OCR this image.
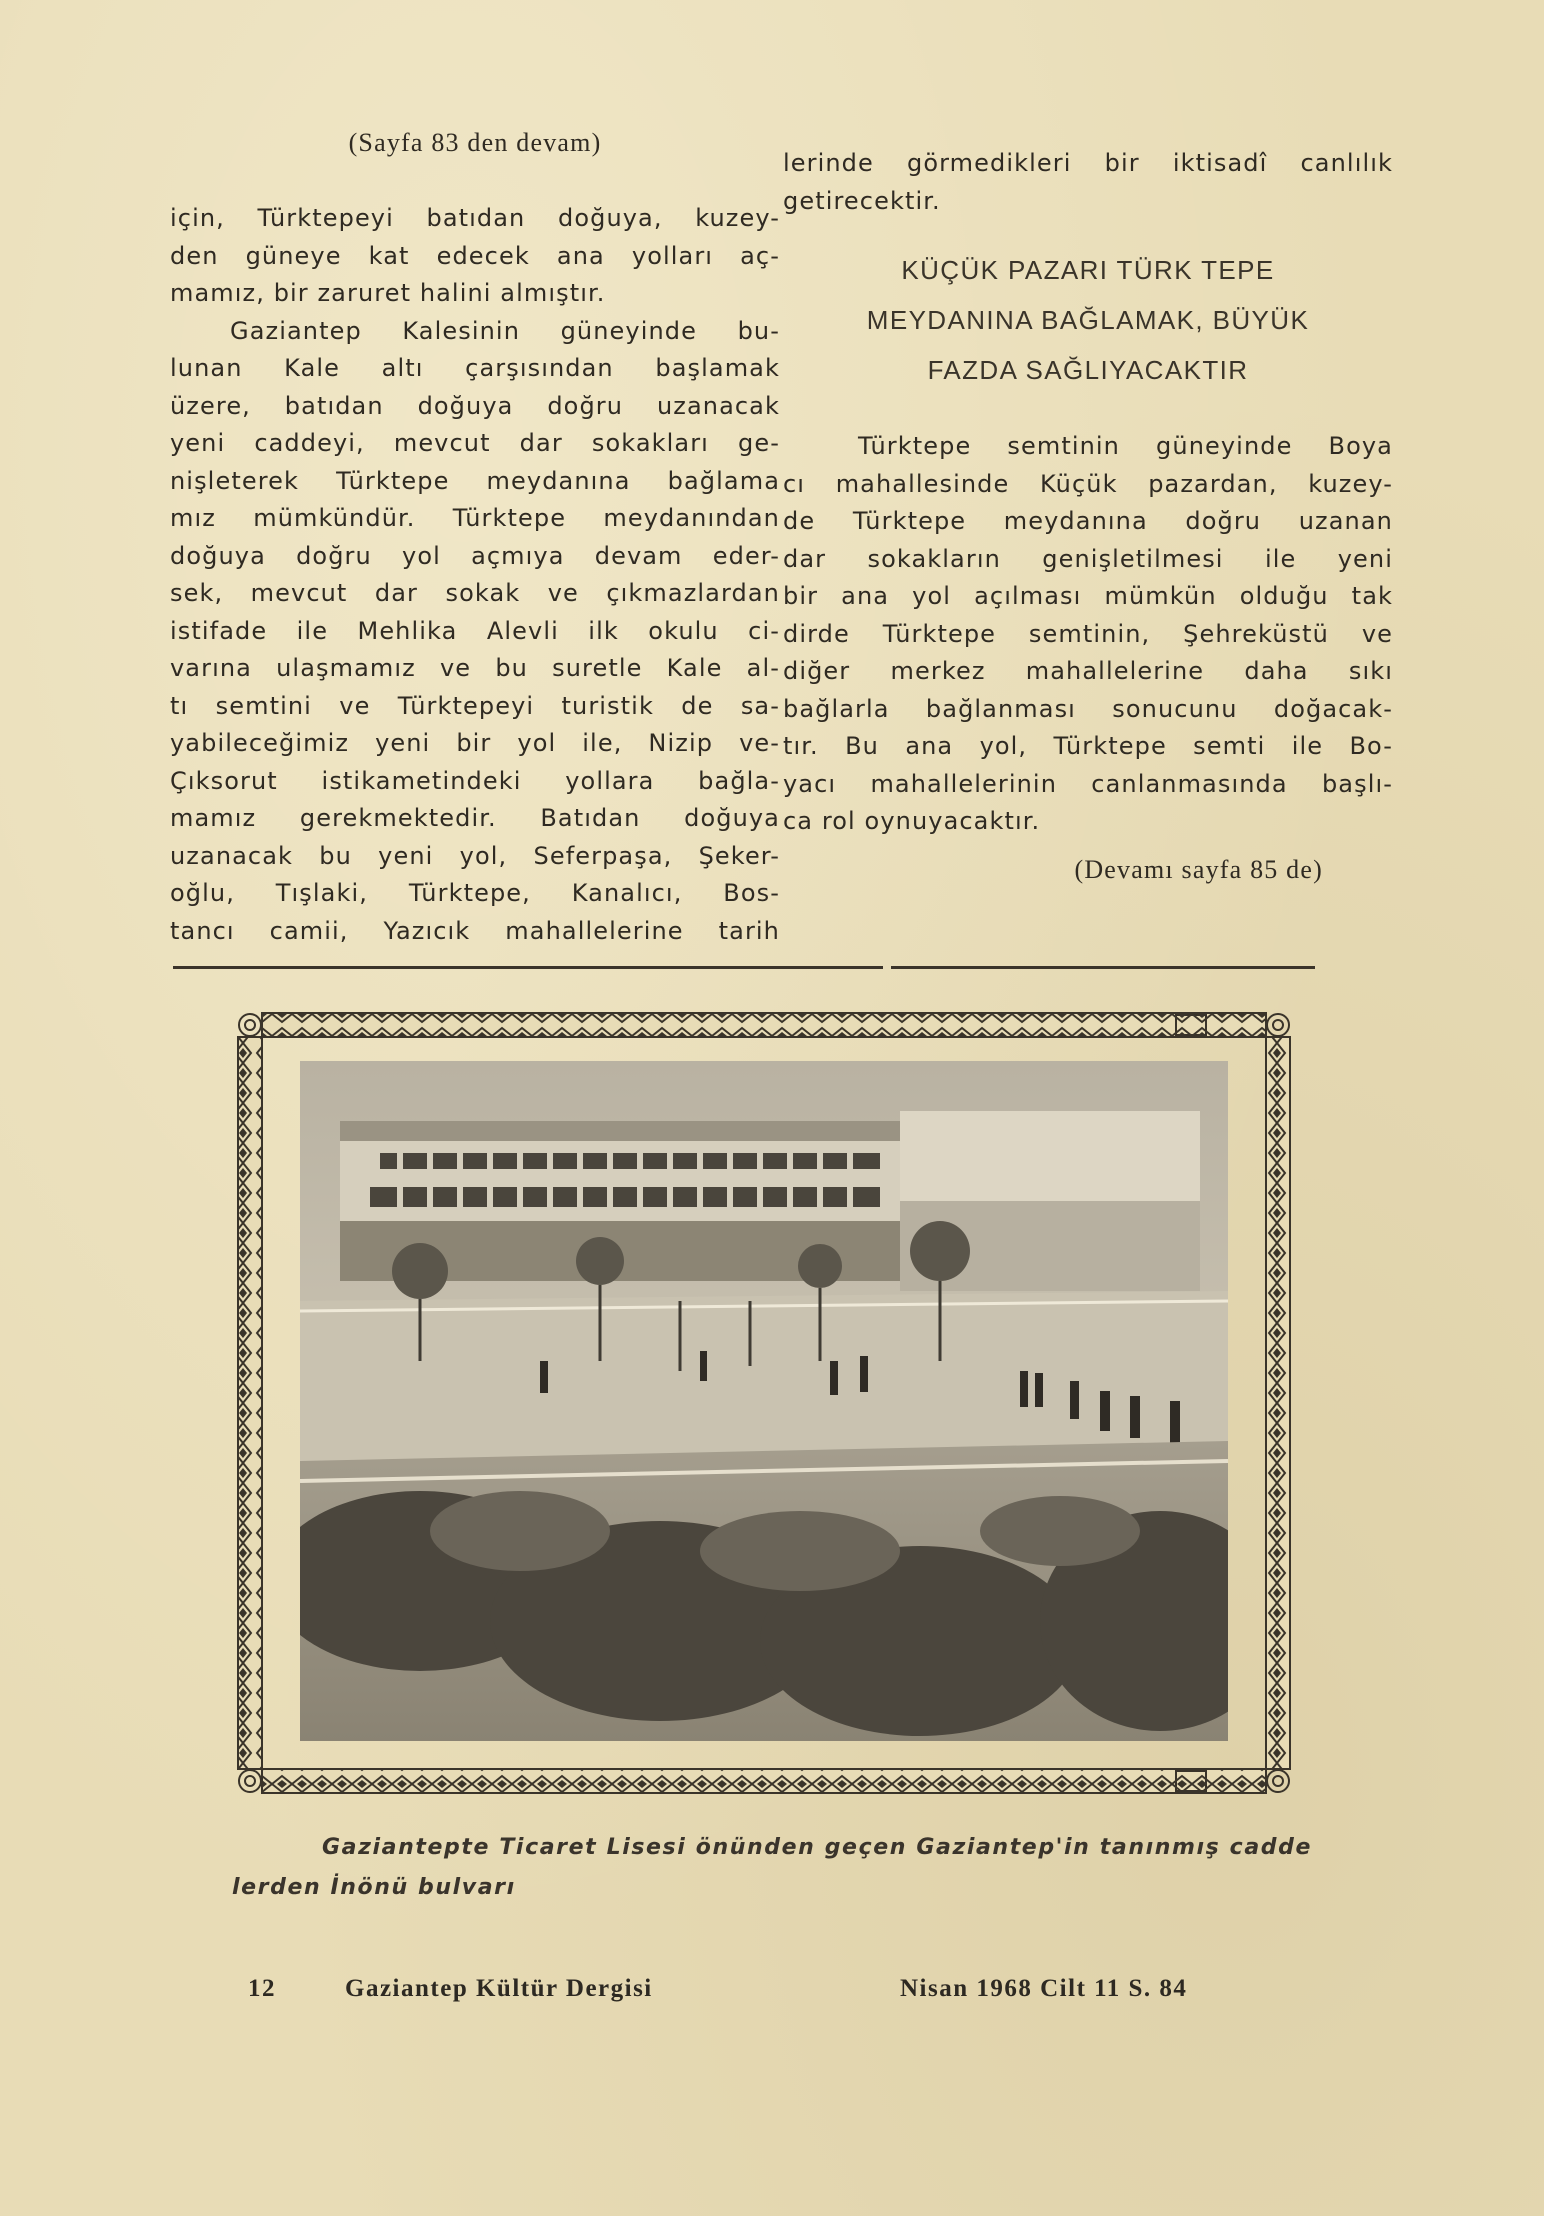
(Sayfa 83 den devam)
için, Türktepeyi batıdan doğuya, kuzey-
den güneye kat edecek ana yolları aç-
mamız, bir zaruret halini almıştır.
Gaziantep Kalesinin güneyinde bu-
lunan Kale altı çarşısından başlamak
üzere, batıdan doğuya doğru uzanacak
yeni caddeyi, mevcut dar sokakları ge-
nişleterek Türktepe meydanına bağlama
mız mümkündür. Türktepe meydanından
doğuya doğru yol açmıya devam eder-
sek, mevcut dar sokak ve çıkmazlardan
istifade ile Mehlika Alevli ilk okulu ci-
varına ulaşmamız ve bu suretle Kale al-
tı semtini ve Türktepeyi turistik de sa-
yabileceğimiz yeni bir yol ile, Nizip ve-
Çıksorut istikametindeki yollara bağla-
mamız gerekmektedir. Batıdan doğuya
uzanacak bu yeni yol, Seferpaşa, Şeker-
oğlu, Tışlaki, Türktepe, Kanalıcı, Bos-
tancı camii, Yazıcık mahallelerine tarih
lerinde görmedikleri bir iktisadî canlılık
getirecektir.
KÜÇÜK PAZARI TÜRK TEPE
MEYDANINA BAĞLAMAK, BÜYÜK
FAZDA SAĞLIYACAKTIR
Türktepe semtinin güneyinde Boya
cı mahallesinde Küçük pazardan, kuzey-
de Türktepe meydanına doğru uzanan
dar sokakların genişletilmesi ile yeni
bir ana yol açılması mümkün olduğu tak
dirde Türktepe semtinin, Şehreküstü ve
diğer merkez mahallelerine daha sıkı
bağlarla bağlanması sonucunu doğacak-
tır. Bu ana yol, Türktepe semti ile Bo-
yacı mahallelerinin canlanmasında başlı-
ca rol oynuyacaktır.
(Devamı sayfa 85 de)
Gaziantepte Ticaret Lisesi önünden geçen Gaziantep'in tanınmış cadde
lerden İnönü bulvarı
12	Gaziantep Kültür Dergisi	Nisan 1968 Cilt 11 S. 84
